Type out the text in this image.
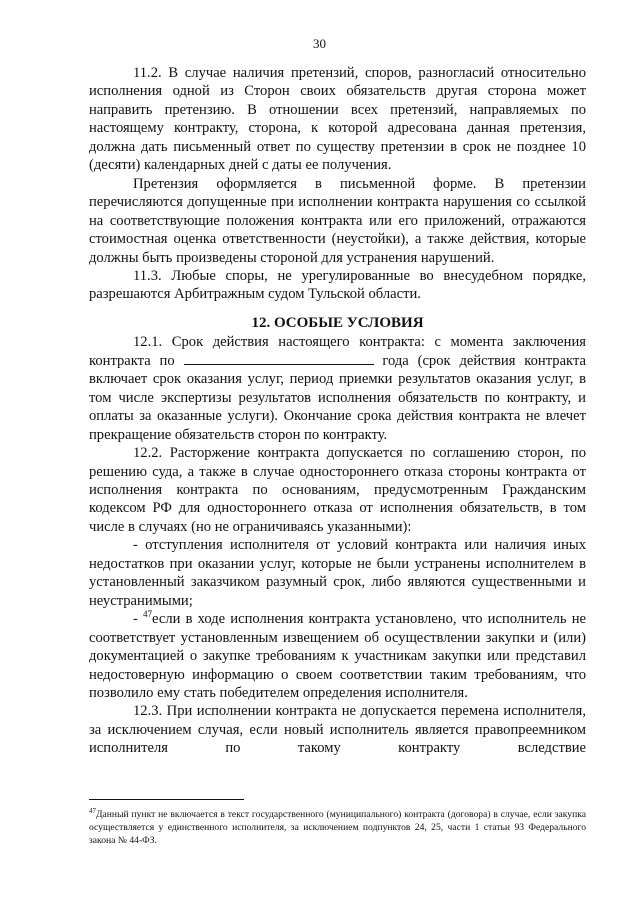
30

11.2. В случае наличия претензий, споров, разногласий относительно исполнения одной из Сторон своих обязательств другая сторона может направить претензию. В отношении всех претензий, направляемых по настоящему контракту, сторона, к которой адресована данная претензия, должна дать письменный ответ по существу претензии в срок не позднее 10 (десяти) календарных дней с даты ее получения.

Претензия оформляется в письменной форме. В претензии перечисляются допущенные при исполнении контракта нарушения со ссылкой на соответствующие положения контракта или его приложений, отражаются стоимостная оценка ответственности (неустойки), а также действия, которые должны быть произведены стороной для устранения нарушений.

11.3. Любые споры, не урегулированные во внесудебном порядке, разрешаются Арбитражным судом Тульской области.

12. ОСОБЫЕ УСЛОВИЯ

12.1. Срок действия настоящего контракта: с момента заключения контракта по	года (срок действия контракта включает срок оказания услуг, период приемки результатов оказания услуг, в том числе экспертизы результатов исполнения обязательств по контракту, и оплаты за оказанные услуги). Окончание срока действия контракта не влечет прекращение обязательств сторон по контракту.

12.2. Расторжение контракта допускается по соглашению сторон, по решению суда, а также в случае одностороннего отказа стороны контракта от исполнения контракта по основаниям, предусмотренным Гражданским кодексом РФ для одностороннего отказа от исполнения обязательств, в том числе в случаях (но не ограничиваясь указанными):

- отступления исполнителя от условий контракта или наличия иных недостатков при оказании услуг, которые не были устранены исполнителем в установленный заказчиком разумный срок, либо являются существенными и неустранимыми;

- $^{47}$если в ходе исполнения контракта установлено, что исполнитель не соответствует установленным извещением об осуществлении закупки и (или) документацией о закупке требованиям к участникам закупки или представил недостоверную информацию о своем соответствии таким требованиям, что позволило ему стать победителем определения исполнителя.

12.3. При исполнении контракта не допускается перемена исполнителя, за исключением случая, если новый исполнитель является правопреемником исполнителя по такому контракту вследствие

$^{47}$Данный пункт не включается в текст государственного (муниципального) контракта (договора) в случае, если закупка осуществляется у единственного исполнителя, за исключением подпунктов 24, 25, части 1 статьи 93 Федерального закона № 44-ФЗ.
